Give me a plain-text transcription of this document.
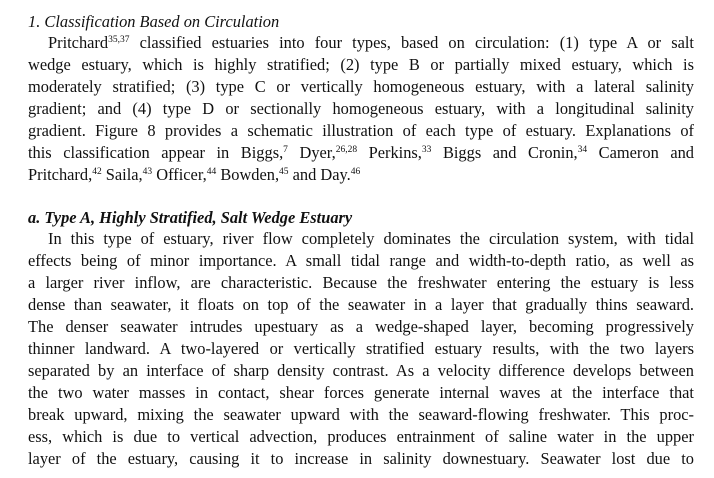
1. Classification Based on Circulation
Pritchard$^{35,37}$ classified estuaries into four types, based on circulation: (1) type A or salt
wedge estuary, which is highly stratified; (2) type B or partially mixed estuary, which is
moderately stratified; (3) type C or vertically homogeneous estuary, with a lateral salinity
gradient; and (4) type D or sectionally homogeneous estuary, with a longitudinal salinity
gradient. Figure 8 provides a schematic illustration of each type of estuary. Explanations of
this classification appear in Biggs,$^7$ Dyer,$^{26,28}$ Perkins,$^{33}$ Biggs and Cronin,$^{34}$ Cameron and
Pritchard,$^{42}$ Saila,$^{43}$ Officer,$^{44}$ Bowden,$^{45}$ and Day.$^{46}$
a. Type A, Highly Stratified, Salt Wedge Estuary
In this type of estuary, river flow completely dominates the circulation system, with tidal
effects being of minor importance. A small tidal range and width-to-depth ratio, as well as
a larger river inflow, are characteristic. Because the freshwater entering the estuary is less
dense than seawater, it floats on top of the seawater in a layer that gradually thins seaward.
The denser seawater intrudes upestuary as a wedge-shaped layer, becoming progressively
thinner landward. A two-layered or vertically stratified estuary results, with the two layers
separated by an interface of sharp density contrast. As a velocity difference develops between
the two water masses in contact, shear forces generate internal waves at the interface that
break upward, mixing the seawater upward with the seaward-flowing freshwater. This proc-
ess, which is due to vertical advection, produces entrainment of saline water in the upper
layer of the estuary, causing it to increase in salinity downestuary. Seawater lost due to
